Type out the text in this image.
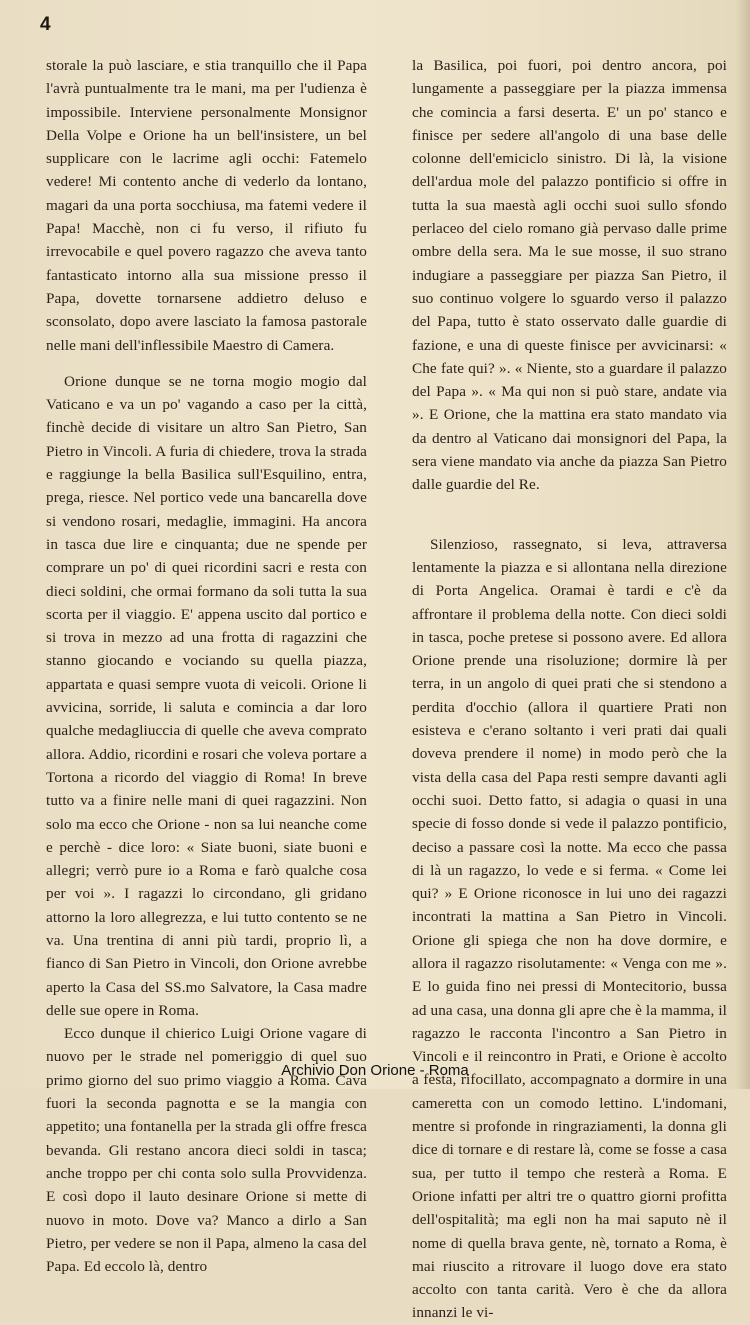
4

storale la può lasciare, e stia tranquillo che il Papa l'avrà puntualmente tra le mani, ma per l'udienza è impossibile. Interviene personalmente Monsignor Della Volpe e Orione ha un bell'insistere, un bel supplicare con le lacrime agli occhi: Fatemelo vedere! Mi contento anche di vederlo da lontano, magari da una porta socchiusa, ma fatemi vedere il Papa! Macchè, non ci fu verso, il rifiuto fu irrevocabile e quel povero ragazzo che aveva tanto fantasticato intorno alla sua missione presso il Papa, dovette tornarsene addietro deluso e sconsolato, dopo avere lasciato la famosa pastorale nelle mani dell'inflessibile Maestro di Camera.

Orione dunque se ne torna mogio mogio dal Vaticano e va un po' vagando a caso per la città, finchè decide di visitare un altro San Pietro, San Pietro in Vincoli. A furia di chiedere, trova la strada e raggiunge la bella Basilica sull'Esquilino, entra, prega, riesce. Nel portico vede una bancarella dove si vendono rosari, medaglie, immagini. Ha ancora in tasca due lire e cinquanta; due ne spende per comprare un po' di quei ricordini sacri e resta con dieci soldini, che ormai formano da soli tutta la sua scorta per il viaggio. E' appena uscito dal portico e si trova in mezzo ad una frotta di ragazzini che stanno giocando e vociando su quella piazza, appartata e quasi sempre vuota di veicoli. Orione li avvicina, sorride, li saluta e comincia a dar loro qualche medagliuccia di quelle che aveva comprato allora. Addio, ricordini e rosari che voleva portare a Tortona a ricordo del viaggio di Roma! In breve tutto va a finire nelle mani di quei ragazzini. Non solo ma ecco che Orione - non sa lui neanche come e perchè - dice loro: « Siate buoni, siate buoni e allegri; verrò pure io a Roma e farò qualche cosa per voi ». I ragazzi lo circondano, gli gridano attorno la loro allegrezza, e lui tutto contento se ne va. Una trentina di anni più tardi, proprio lì, a fianco di San Pietro in Vincoli, don Orione avrebbe aperto la Casa del SS.mo Salvatore, la Casa madre delle sue opere in Roma.

Ecco dunque il chierico Luigi Orione vagare di nuovo per le strade nel pomeriggio di quel suo primo giorno del suo primo viaggio a Roma. Cava fuori la seconda pagnotta e se la mangia con appetito; una fontanella per la strada gli offre fresca bevanda. Gli restano ancora dieci soldi in tasca; anche troppo per chi conta solo sulla Provvidenza. E così dopo il lauto desinare Orione si mette di nuovo in moto. Dove va? Manco a dirlo a San Pietro, per vedere se non il Papa, almeno la casa del Papa. Ed eccolo là, dentro

la Basilica, poi fuori, poi dentro ancora, poi lungamente a passeggiare per la piazza immensa che comincia a farsi deserta. E' un po' stanco e finisce per sedere all'angolo di una base delle colonne dell'emiciclo sinistro. Di là, la visione dell'ardua mole del palazzo pontificio si offre in tutta la sua maestà agli occhi suoi sullo sfondo perlaceo del cielo romano già pervaso dalle prime ombre della sera. Ma le sue mosse, il suo strano indugiare a passeggiare per piazza San Pietro, il suo continuo volgere lo sguardo verso il palazzo del Papa, tutto è stato osservato dalle guardie di fazione, e una di queste finisce per avvicinarsi: « Che fate qui? ». « Niente, sto a guardare il palazzo del Papa ». « Ma qui non si può stare, andate via ». E Orione, che la mattina era stato mandato via da dentro al Vaticano dai monsignori del Papa, la sera viene mandato via anche da piazza San Pietro dalle guardie del Re.

Silenzioso, rassegnato, si leva, attraversa lentamente la piazza e si allontana nella direzione di Porta Angelica. Oramai è tardi e c'è da affrontare il problema della notte. Con dieci soldi in tasca, poche pretese si possono avere. Ed allora Orione prende una risoluzione; dormire là per terra, in un angolo di quei prati che si stendono a perdita d'occhio (allora il quartiere Prati non esisteva e c'erano soltanto i veri prati dai quali doveva prendere il nome) in modo però che la vista della casa del Papa resti sempre davanti agli occhi suoi. Detto fatto, si adagia o quasi in una specie di fosso donde si vede il palazzo pontificio, deciso a passare così la notte. Ma ecco che passa di là un ragazzo, lo vede e si ferma. « Come lei qui? » E Orione riconosce in lui uno dei ragazzi incontrati la mattina a San Pietro in Vincoli. Orione gli spiega che non ha dove dormire, e allora il ragazzo risolutamente: « Venga con me ». E lo guida fino nei pressi di Montecitorio, bussa ad una casa, una donna gli apre che è la mamma, il ragazzo le racconta l'incontro a San Pietro in Vincoli e il reincontro in Prati, e Orione è accolto a festa, rifocillato, accompagnato a dormire in una cameretta con un comodo lettino. L'indomani, mentre si profonde in ringraziamenti, la donna gli dice di tornare e di restare là, come se fosse a casa sua, per tutto il tempo che resterà a Roma. E Orione infatti per altri tre o quattro giorni profitta dell'ospitalità; ma egli non ha mai saputo nè il nome di quella brava gente, nè, tornato a Roma, è mai riuscito a ritrovare il luogo dove era stato accolto con tanta carità. Vero è che da allora innanzi le vi-

Archivio Don Orione - Roma
